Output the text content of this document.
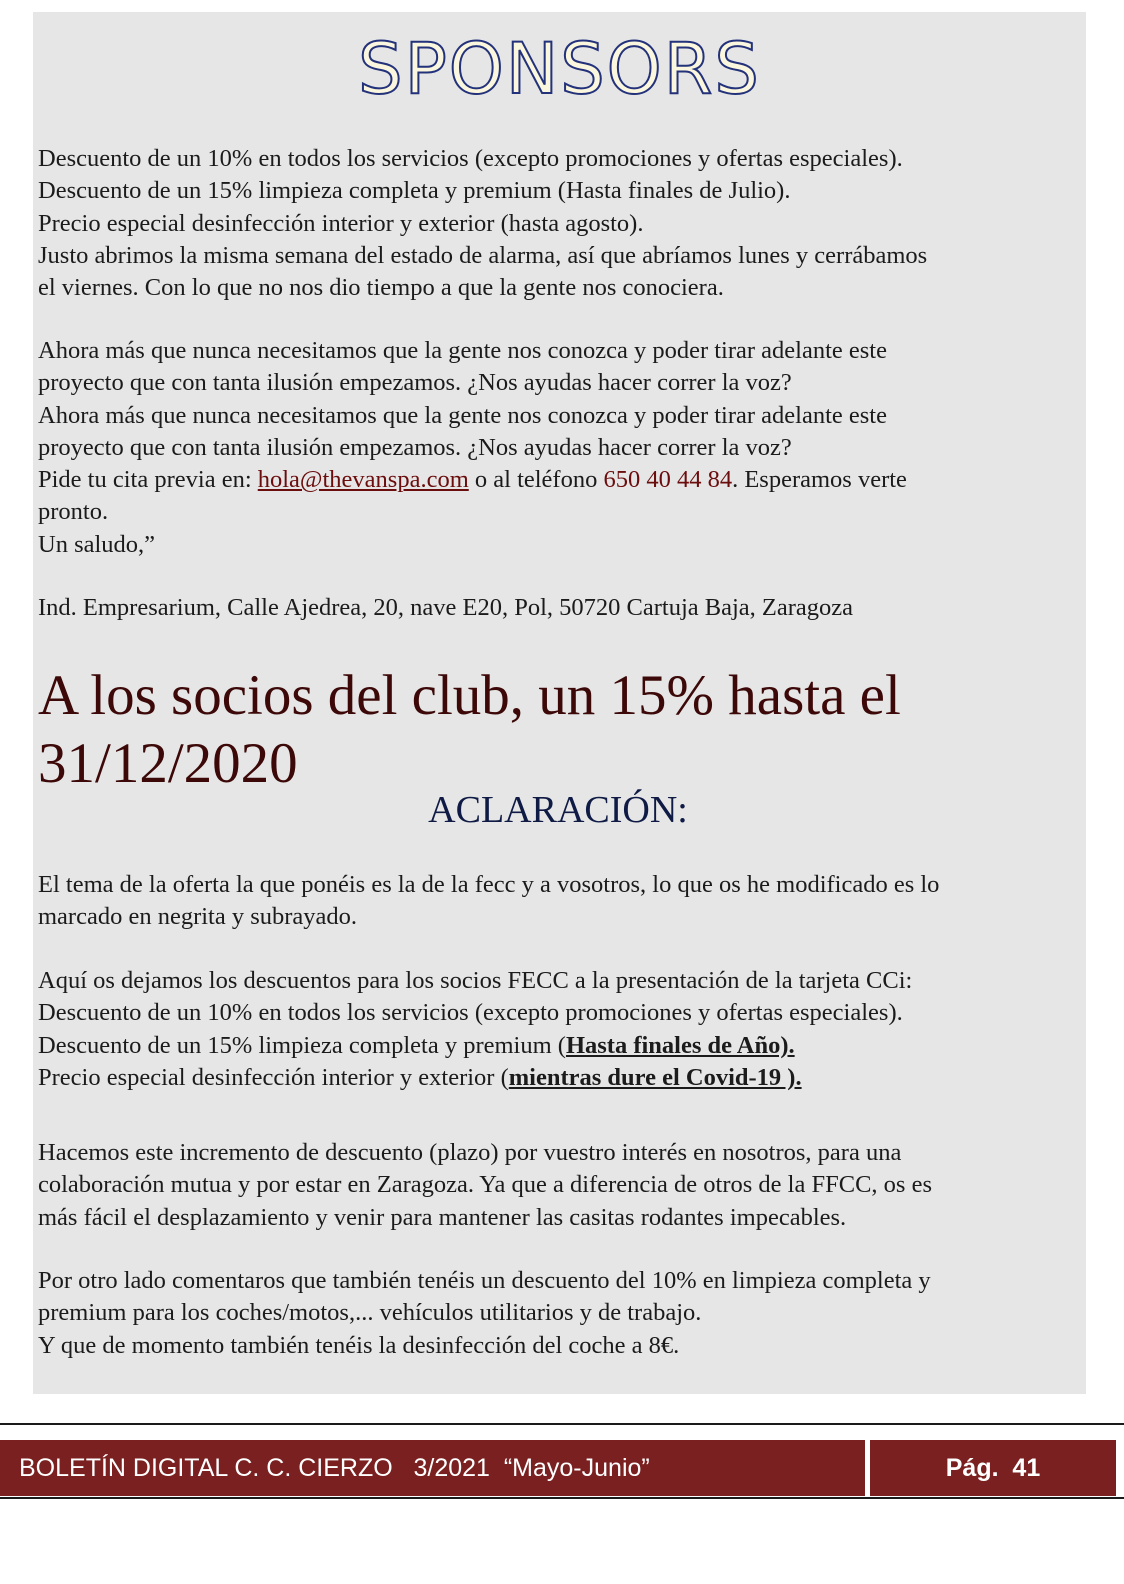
SPONSORS
Descuento de un 10% en todos los servicios (excepto promociones y ofertas especiales).
Descuento de un 15% limpieza completa y premium (Hasta finales de Julio).
Precio especial desinfección interior y exterior (hasta agosto).
Justo abrimos la misma semana del estado de alarma, así que abríamos lunes y cerrábamos
el viernes. Con lo que no nos dio tiempo a que la gente nos conociera.
Ahora más que nunca necesitamos que la gente nos conozca y poder tirar adelante este
proyecto que con tanta ilusión empezamos. ¿Nos ayudas hacer correr la voz?
Ahora más que nunca necesitamos que la gente nos conozca y poder tirar adelante este
proyecto que con tanta ilusión empezamos. ¿Nos ayudas hacer correr la voz?
Pide tu cita previa en: hola@thevanspa.com o al teléfono 650 40 44 84. Esperamos verte
pronto.
Un saludo,”
Ind. Empresarium, Calle Ajedrea, 20, nave E20, Pol, 50720 Cartuja Baja, Zaragoza
A los socios del club, un 15% hasta el
31/12/2020
ACLARACIÓN:
El tema de la oferta la que ponéis es la de la fecc y a vosotros, lo que os he modificado es lo
marcado en negrita y subrayado.
Aquí os dejamos los descuentos para los socios FECC a la presentación de la tarjeta CCi:
Descuento de un 10% en todos los servicios (excepto promociones y ofertas especiales).
Descuento de un 15% limpieza completa y premium (Hasta finales de Año).
Precio especial desinfección interior y exterior (mientras dure el Covid-19 ).
Hacemos este incremento de descuento (plazo) por vuestro interés en nosotros, para una
colaboración mutua y por estar en Zaragoza. Ya que a diferencia de otros de la FFCC, os es
más fácil el desplazamiento y venir para mantener las casitas rodantes impecables.
Por otro lado comentaros que también tenéis un descuento del 10% en limpieza completa y
premium para los coches/motos,... vehículos utilitarios y de trabajo.
Y que de momento también tenéis la desinfección del coche a 8€.
BOLETÍN DIGITAL C. C. CIERZO   3/2021  “Mayo-Junio”	Pág.  41
